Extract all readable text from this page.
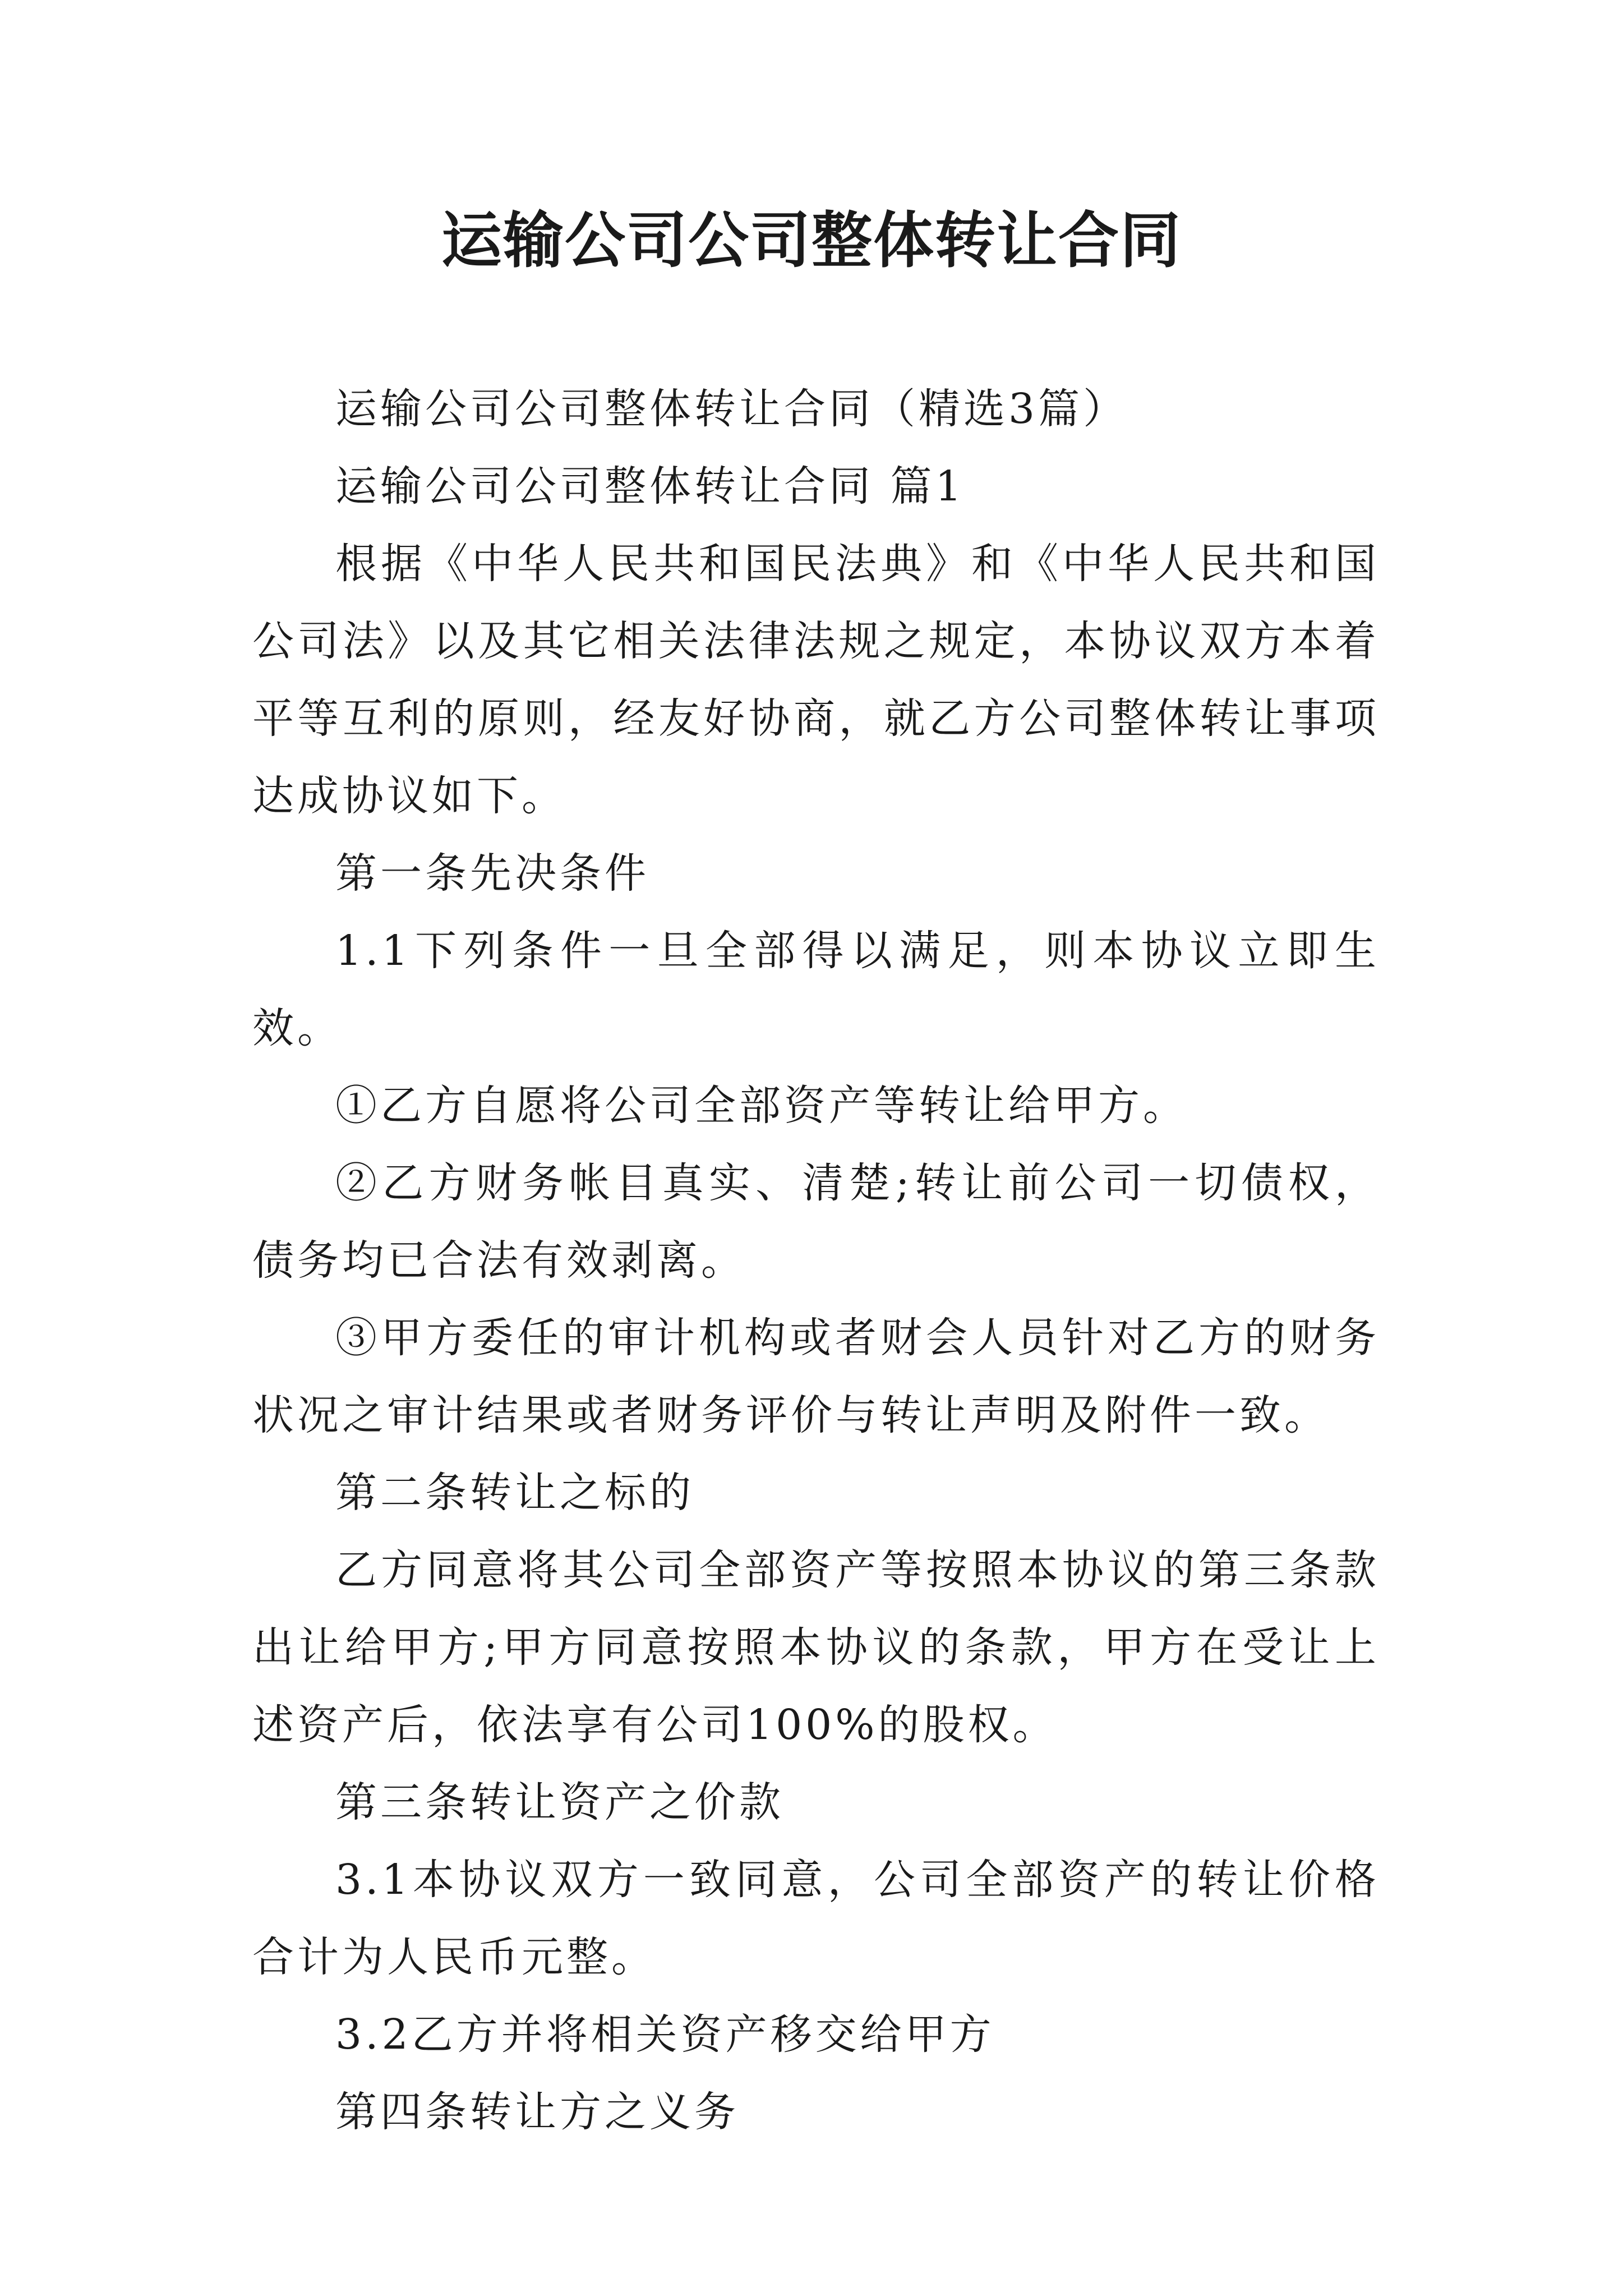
运输公司公司整体转让合同

运输公司公司整体转让合同（精选3篇）

运输公司公司整体转让合同 篇1

根据《中华人民共和国民法典》和《中华人民共和国公司法》以及其它相关法律法规之规定，本协议双方本着平等互利的原则，经友好协商，就乙方公司整体转让事项达成协议如下。

第一条先决条件

1.1下列条件一旦全部得以满足，则本协议立即生效。

①乙方自愿将公司全部资产等转让给甲方。

②乙方财务帐目真实、清楚;转让前公司一切债权，债务均已合法有效剥离。

③甲方委任的审计机构或者财会人员针对乙方的财务状况之审计结果或者财务评价与转让声明及附件一致。

第二条转让之标的

乙方同意将其公司全部资产等按照本协议的第三条款出让给甲方;甲方同意按照本协议的条款，甲方在受让上述资产后，依法享有公司100%的股权。

第三条转让资产之价款

3.1本协议双方一致同意，公司全部资产的转让价格合计为人民币元整。

3.2乙方并将相关资产移交给甲方

第四条转让方之义务
